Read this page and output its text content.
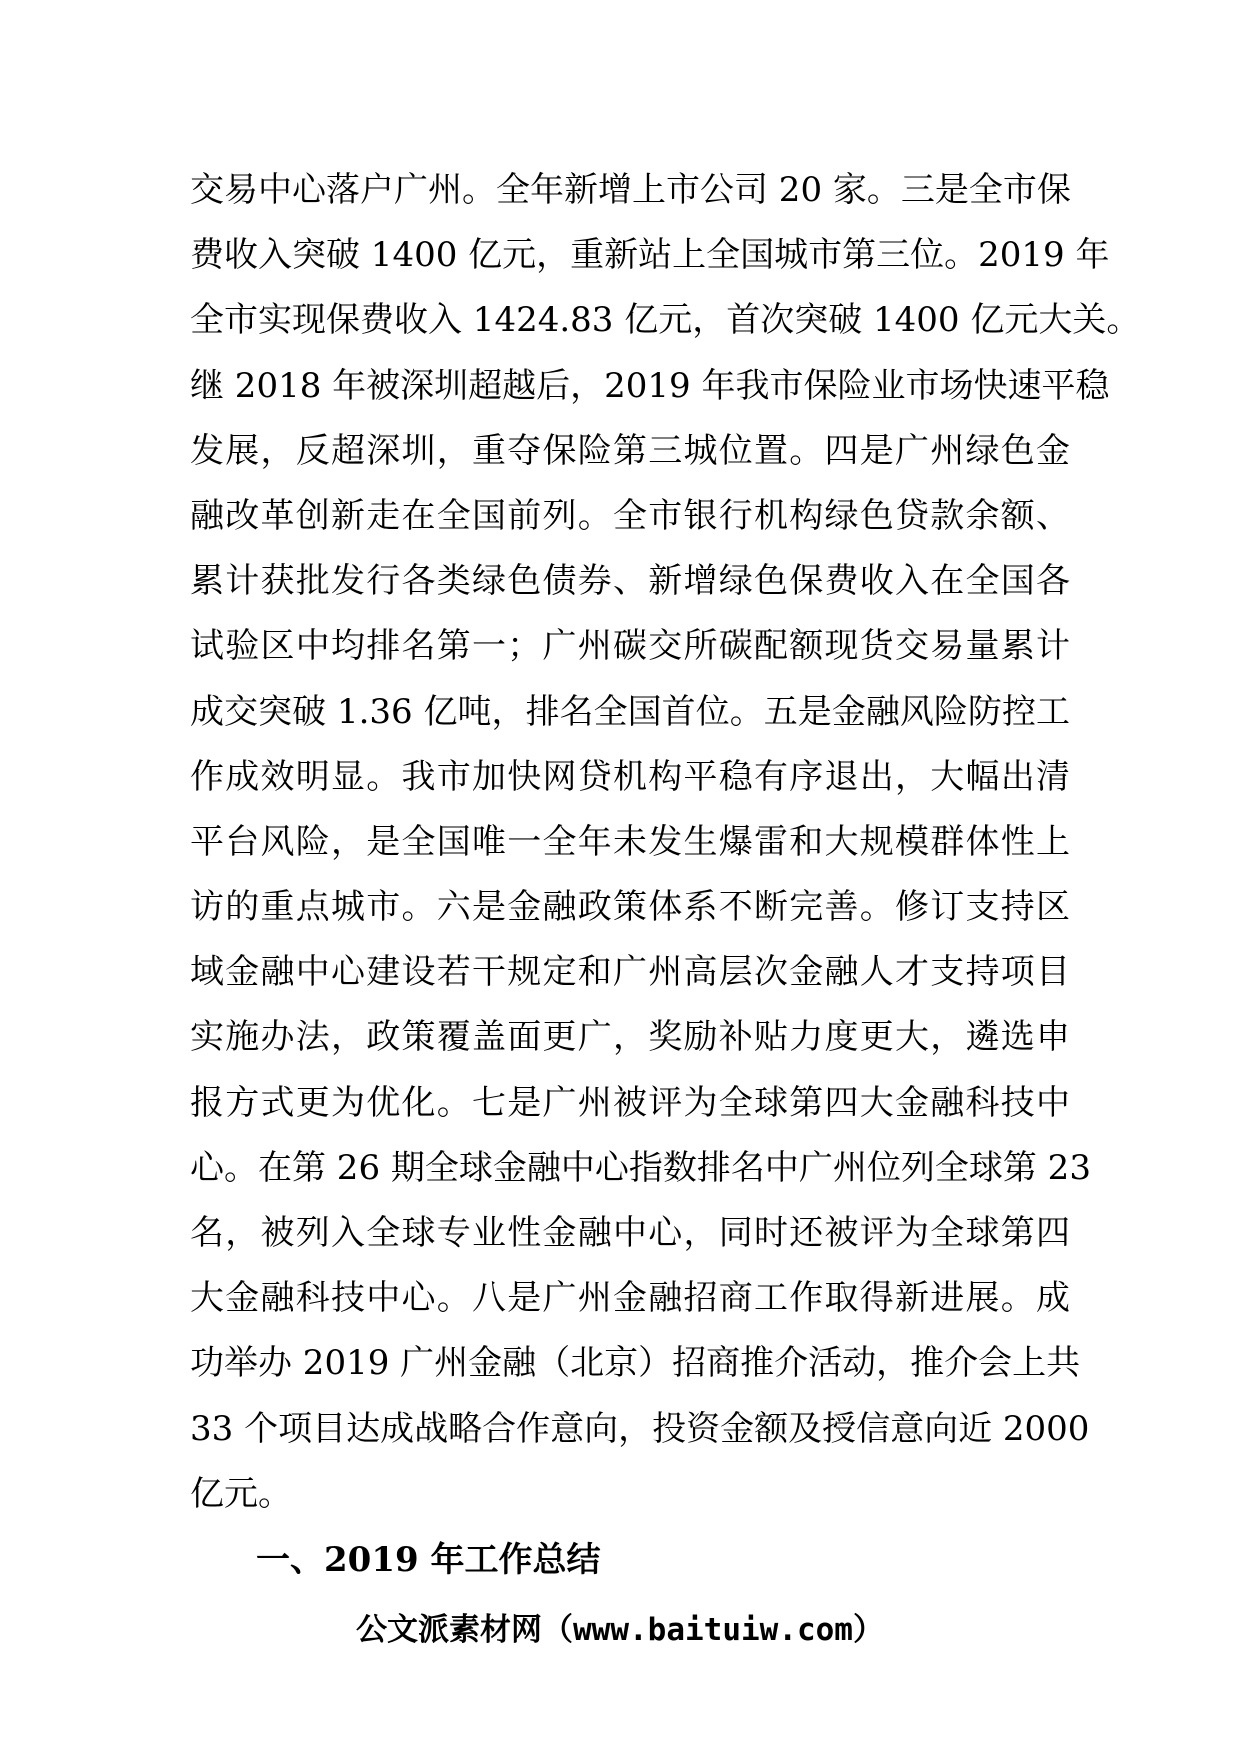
交易中心落户广州。全年新增上市公司 20 家。三是全市保
费收入突破 1400 亿元，重新站上全国城市第三位。2019 年
全市实现保费收入 1424.83 亿元，首次突破 1400 亿元大关。
继 2018 年被深圳超越后，2019 年我市保险业市场快速平稳
发展，反超深圳，重夺保险第三城位置。四是广州绿色金
融改革创新走在全国前列。全市银行机构绿色贷款余额、
累计获批发行各类绿色债券、新增绿色保费收入在全国各
试验区中均排名第一；广州碳交所碳配额现货交易量累计
成交突破 1.36 亿吨，排名全国首位。五是金融风险防控工
作成效明显。我市加快网贷机构平稳有序退出，大幅出清
平台风险，是全国唯一全年未发生爆雷和大规模群体性上
访的重点城市。六是金融政策体系不断完善。修订支持区
域金融中心建设若干规定和广州高层次金融人才支持项目
实施办法，政策覆盖面更广，奖励补贴力度更大，遴选申
报方式更为优化。七是广州被评为全球第四大金融科技中
心。在第 26 期全球金融中心指数排名中广州位列全球第 23
名，被列入全球专业性金融中心，同时还被评为全球第四
大金融科技中心。八是广州金融招商工作取得新进展。成
功举办 2019 广州金融（北京）招商推介活动，推介会上共
33 个项目达成战略合作意向，投资金额及授信意向近 2000
亿元。
一、2019 年工作总结

公文派素材网（www.baituiw.com）
